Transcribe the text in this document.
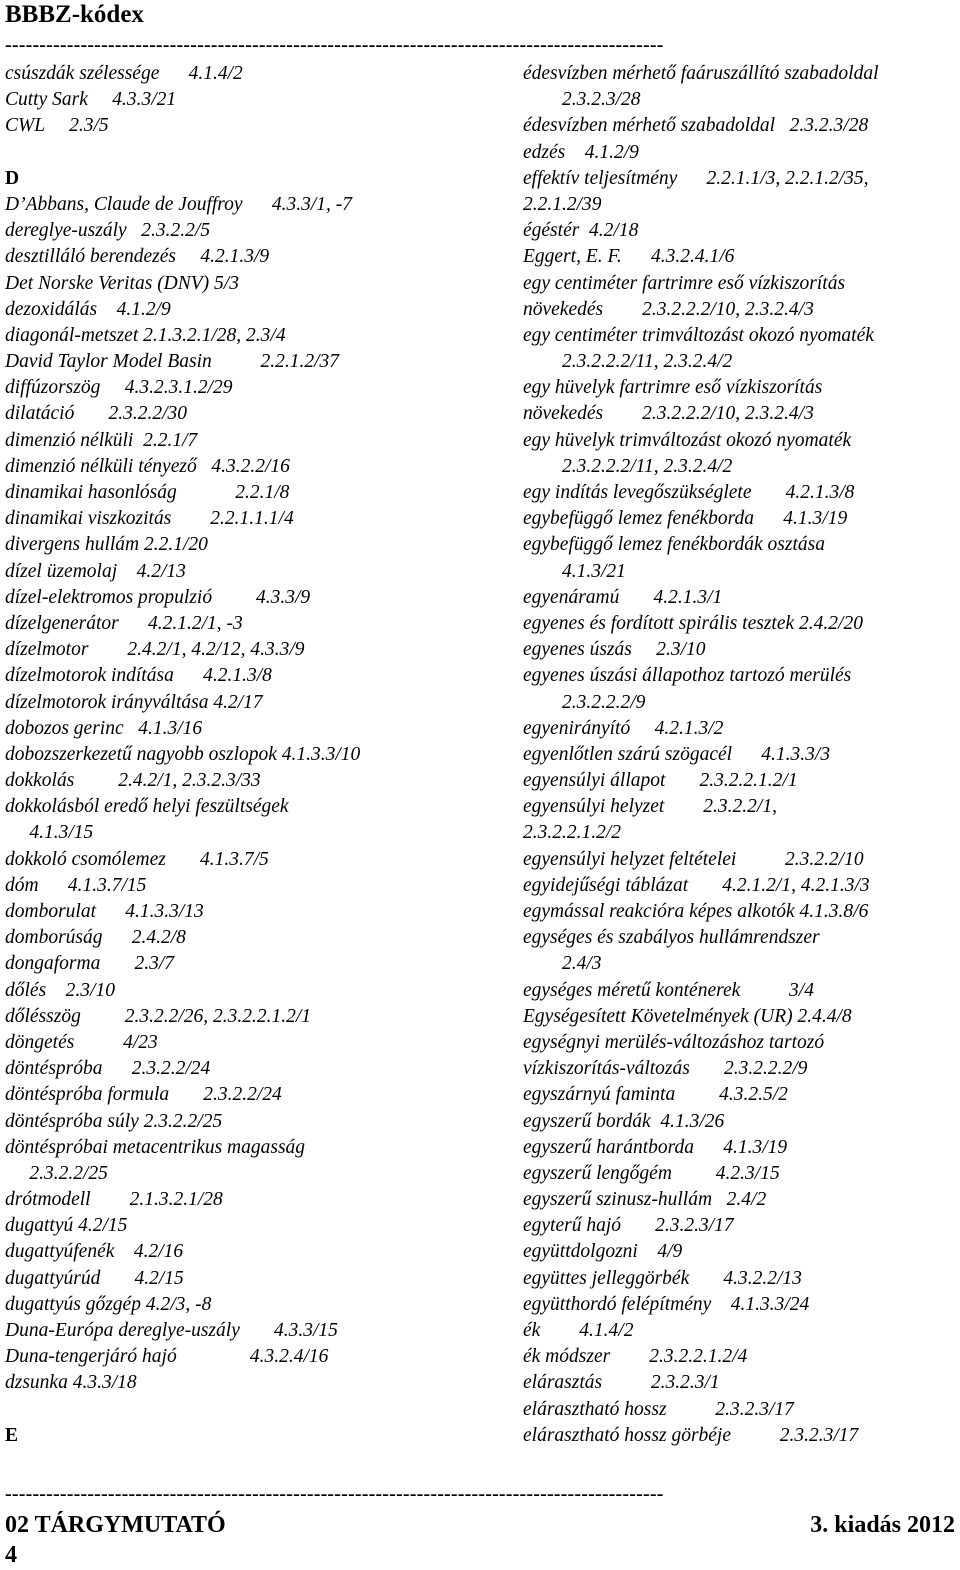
BBBZ-kódex
------------------------------------------------------------------------------------------------
csúszdák szélessége      4.1.4/2
Cutty Sark     4.3.3/21
CWL     2.3/5
D
D’Abbans, Claude de Jouffroy      4.3.3/1, -7
dereglye-uszály   2.3.2.2/5
desztilláló berendezés     4.2.1.3/9
Det Norske Veritas (DNV) 5/3
dezoxidálás    4.1.2/9
diagonál-metszet 2.1.3.2.1/28, 2.3/4
David Taylor Model Basin          2.2.1.2/37
diffúzorszög     4.3.2.3.1.2/29
dilatáció       2.3.2.2/30
dimenzió nélküli  2.2.1/7
dimenzió nélküli tényező   4.3.2.2/16
dinamikai hasonlóság            2.2.1/8
dinamikai viszkozitás        2.2.1.1.1/4
divergens hullám 2.2.1/20
dízel üzemolaj    4.2/13
dízel-elektromos propulzió         4.3.3/9
dízelgenerátor      4.2.1.2/1, -3
dízelmotor        2.4.2/1, 4.2/12, 4.3.3/9
dízelmotorok indítása      4.2.1.3/8
dízelmotorok irányváltása 4.2/17
dobozos gerinc   4.1.3/16
dobozszerkezetű nagyobb oszlopok 4.1.3.3/10
dokkolás         2.4.2/1, 2.3.2.3/33
dokkolásból eredő helyi feszültségek
4.1.3/15
dokkoló csomólemez       4.1.3.7/5
dóm      4.1.3.7/15
domborulat      4.1.3.3/13
domborúság      2.4.2/8
dongaforma       2.3/7
dőlés    2.3/10
dőlésszög         2.3.2.2/26, 2.3.2.2.1.2/1
döngetés          4/23
döntéspróba      2.3.2.2/24
döntéspróba formula       2.3.2.2/24
döntéspróba súly 2.3.2.2/25
döntéspróbai metacentrikus magasság
2.3.2.2/25
drótmodell        2.1.3.2.1/28
dugattyú 4.2/15
dugattyúfenék    4.2/16
dugattyúrúd       4.2/15
dugattyús gőzgép 4.2/3, -8
Duna-Európa dereglye-uszály       4.3.3/15
Duna-tengerjáró hajó               4.3.2.4/16
dzsunka 4.3.3/18
E
édesvízben mérhető faáruszállító szabadoldal
2.3.2.3/28
édesvízben mérhető szabadoldal   2.3.2.3/28
edzés    4.1.2/9
effektív teljesítmény      2.2.1.1/3, 2.2.1.2/35,
2.2.1.2/39
égéstér  4.2/18
Eggert, E. F.      4.3.2.4.1/6
egy centiméter fartrimre eső vízkiszorítás
növekedés        2.3.2.2.2/10, 2.3.2.4/3
egy centiméter trimváltozást okozó nyomaték
2.3.2.2.2/11, 2.3.2.4/2
egy hüvelyk fartrimre eső vízkiszorítás
növekedés        2.3.2.2.2/10, 2.3.2.4/3
egy hüvelyk trimváltozást okozó nyomaték
2.3.2.2.2/11, 2.3.2.4/2
egy indítás levegőszükséglete       4.2.1.3/8
egybefüggő lemez fenékborda      4.1.3/19
egybefüggő lemez fenékbordák osztása
4.1.3/21
egyenáramú       4.2.1.3/1
egyenes és fordított spirális tesztek 2.4.2/20
egyenes úszás     2.3/10
egyenes úszási állapothoz tartozó merülés
2.3.2.2.2/9
egyenirányító     4.2.1.3/2
egyenlőtlen szárú szögacél      4.1.3.3/3
egyensúlyi állapot       2.3.2.2.1.2/1
egyensúlyi helyzet        2.3.2.2/1,
2.3.2.2.1.2/2
egyensúlyi helyzet feltételei          2.3.2.2/10
egyidejűségi táblázat       4.2.1.2/1, 4.2.1.3/3
egymással reakcióra képes alkotók 4.1.3.8/6
egységes és szabályos hullámrendszer
2.4/3
egységes méretű konténerek          3/4
Egységesített Követelmények (UR) 2.4.4/8
egységnyi merülés-változáshoz tartozó
vízkiszorítás-változás       2.3.2.2.2/9
egyszárnyú faminta         4.3.2.5/2
egyszerű bordák  4.1.3/26
egyszerű harántborda      4.1.3/19
egyszerű lengőgém         4.2.3/15
egyszerű szinusz-hullám   2.4/2
egyterű hajó       2.3.2.3/17
együttdolgozni    4/9
együttes jelleggörbék       4.3.2.2/13
együtthordó felépítmény    4.1.3.3/24
ék        4.1.4/2
ék módszer        2.3.2.2.1.2/4
elárasztás          2.3.2.3/1
elárasztható hossz          2.3.2.3/17
elárasztható hossz görbéje          2.3.2.3/17
------------------------------------------------------------------------------------------------
02 TÁRGYMUTATÓ	3. kiadás 2012
4
